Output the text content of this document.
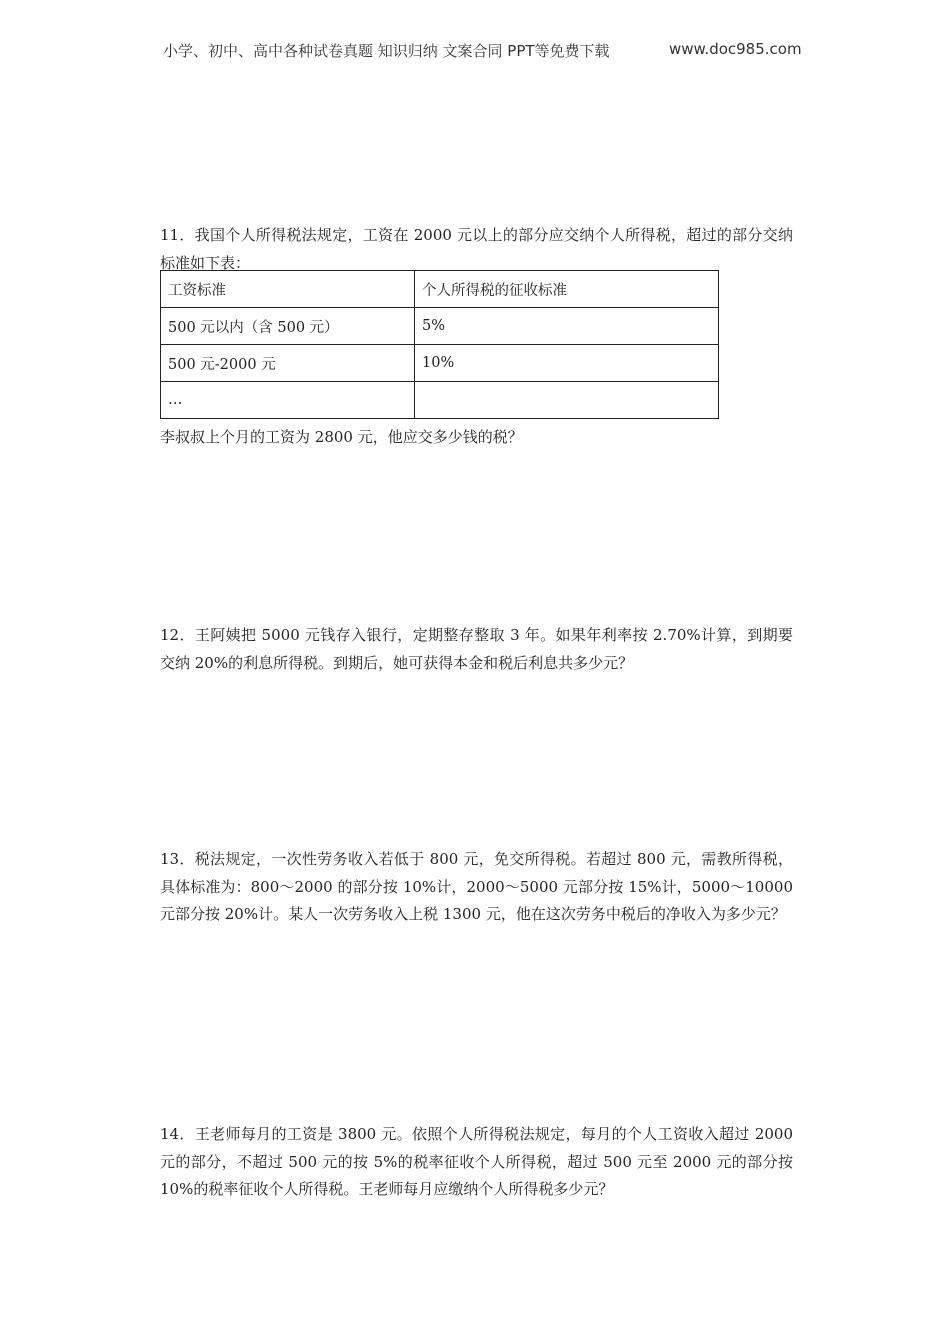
小学、初中、高中各种试卷真题 知识归纳 文案合同 PPT等免费下载	www.doc985.com

11．我国个人所得税法规定，工资在 2000 元以上的部分应交纳个人所得税，超过的部分交纳标准如下表：

工资标准	个人所得税的征收标准
500 元以内（含 500 元）	5%
500 元-2000 元	10%
…	

李叔叔上个月的工资为 2800 元，他应交多少钱的税？

12．王阿姨把 5000 元钱存入银行，定期整存整取 3 年。如果年利率按 2.70%计算，到期要交纳 20%的利息所得税。到期后，她可获得本金和税后利息共多少元？

13．税法规定，一次性劳务收入若低于 800 元，免交所得税。若超过 800 元，需教所得税，具体标准为：800～2000 的部分按 10%计，2000～5000 元部分按 15%计，5000～10000 元部分按 20%计。某人一次劳务收入上税 1300 元，他在这次劳务中税后的净收入为多少元？

14．王老师每月的工资是 3800 元。依照个人所得税法规定，每月的个人工资收入超过 2000 元的部分，不超过 500 元的按 5%的税率征收个人所得税，超过 500 元至 2000 元的部分按 10%的税率征收个人所得税。王老师每月应缴纳个人所得税多少元？
